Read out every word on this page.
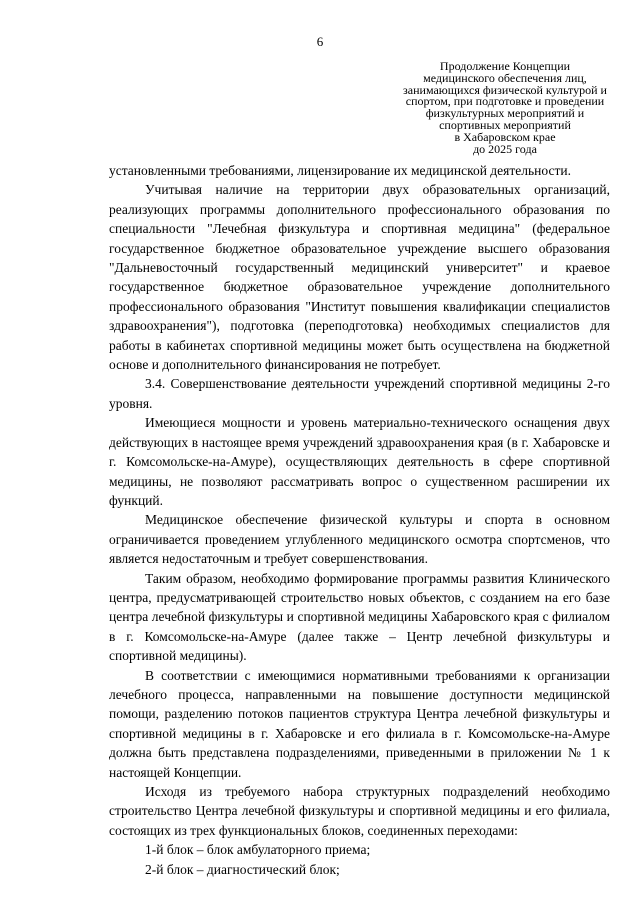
6
Продолжение Концепции
медицинского обеспечения лиц,
занимающихся физической культурой и
спортом, при подготовке и проведении
физкультурных мероприятий и
спортивных мероприятий
в Хабаровском крае
до 2025 года

установленными требованиями, лицензирование их медицинской деятельности.

Учитывая наличие на территории двух образовательных организаций, реализующих программы дополнительного профессионального образования по специальности "Лечебная физкультура и спортивная медицина" (федеральное государственное бюджетное образовательное учреждение высшего образования "Дальневосточный государственный медицинский университет" и краевое государственное бюджетное образовательное учреждение дополнительного профессионального образования "Институт повышения квалификации специалистов здравоохранения"), подготовка (переподготовка) необходимых специалистов для работы в кабинетах спортивной медицины может быть осуществлена на бюджетной основе и дополнительного финансирования не потребует.

3.4. Совершенствование деятельности учреждений спортивной медицины 2-го уровня.

Имеющиеся мощности и уровень материально-технического оснащения двух действующих в настоящее время учреждений здравоохранения края (в г. Хабаровске и г. Комсомольске-на-Амуре), осуществляющих деятельность в сфере спортивной медицины, не позволяют рассматривать вопрос о существенном расширении их функций.

Медицинское обеспечение физической культуры и спорта в основном ограничивается проведением углубленного медицинского осмотра спортсменов, что является недостаточным и требует совершенствования.

Таким образом, необходимо формирование программы развития Клинического центра, предусматривающей строительство новых объектов, с созданием на его базе центра лечебной физкультуры и спортивной медицины Хабаровского края с филиалом в г. Комсомольске-на-Амуре (далее также – Центр лечебной физкультуры и спортивной медицины).

В соответствии с имеющимися нормативными требованиями к организации лечебного процесса, направленными на повышение доступности медицинской помощи, разделению потоков пациентов структура Центра лечебной физкультуры и спортивной медицины в г. Хабаровске и его филиала в г. Комсомольске-на-Амуре должна быть представлена подразделениями, приведенными в приложении № 1 к настоящей Концепции.

Исходя из требуемого набора структурных подразделений необходимо строительство Центра лечебной физкультуры и спортивной медицины и его филиала, состоящих из трех функциональных блоков, соединенных переходами:

1-й блок – блок амбулаторного приема;

2-й блок – диагностический блок;
